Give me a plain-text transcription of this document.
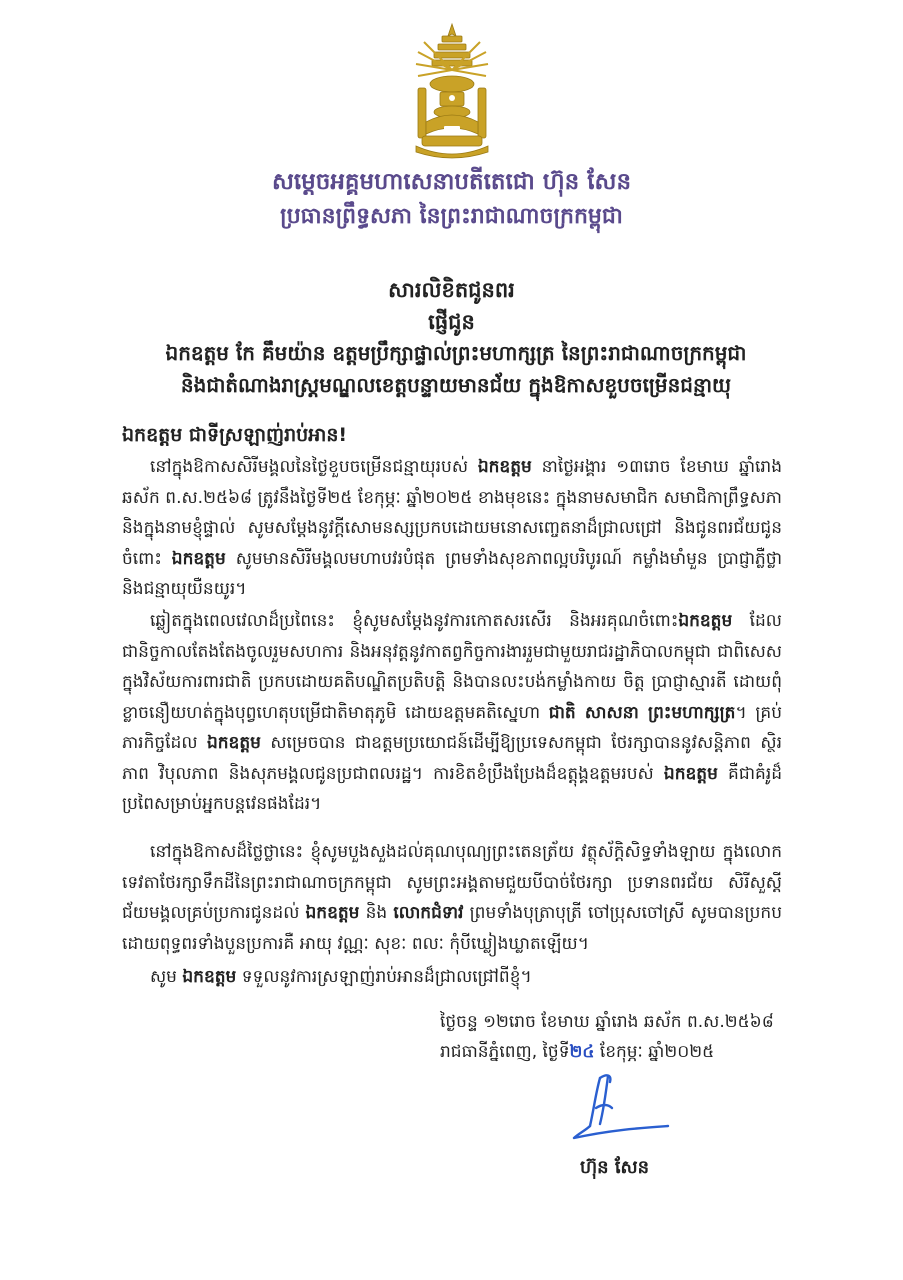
សម្ដេចអគ្គមហាសេនាបតីតេជោ ហ៊ុន សែន
ប្រធានព្រឹទ្ធសភា នៃព្រះរាជាណាចក្រកម្ពុជា
សារលិខិតជូនពរ
ផ្ញើជូន
ឯកឧត្តម កែ គឹមយ៉ាន ឧត្តមប្រឹក្សាផ្ទាល់ព្រះមហាក្សត្រ នៃព្រះរាជាណាចក្រកម្ពុជា
និងជាតំណាងរាស្ដ្រមណ្ឌលខេត្តបន្ទាយមានជ័យ ក្នុងឱកាសខួបចម្រើនជន្មាយុ
ឯកឧត្តម ជាទីស្រឡាញ់រាប់អាន!
នៅក្នុងឱកាសសិរីមង្គលនៃថ្ងៃខួបចម្រើនជន្មាយុរបស់ ឯកឧត្តម នាថ្ងៃអង្គារ ១៣រោច ខែមាឃ ឆ្នាំរោង ឆស័ក ព.ស.២៥៦៨ ត្រូវនឹងថ្ងៃទី២៥ ខែកុម្ភៈ ឆ្នាំ២០២៥ ខាងមុខនេះ ក្នុងនាមសមាជិក សមាជិកាព្រឹទ្ធសភា និងក្នុងនាមខ្ញុំផ្ទាល់ សូមសម្ដែងនូវក្ដីសោមនស្សប្រកបដោយមនោសញ្ចេតនាដ៏ជ្រាលជ្រៅ និងជូនពរជ័យជូនចំពោះ ឯកឧត្តម សូមមានសិរីមង្គលមហាបវរបំផុត ព្រមទាំងសុខភាពល្អបរិបូរណ៍ កម្លាំងមាំមួន ប្រាជ្ញាភ្លឺថ្លា និងជន្មាយុយឺនយូរ។
ឆ្លៀតក្នុងពេលវេលាដ៏ប្រពៃនេះ ខ្ញុំសូមសម្ដែងនូវការកោតសរសើរ និងអរគុណចំពោះឯកឧត្តម ដែលជានិច្ចកាលតែងតែងចូលរួមសហការ និងអនុវត្តនូវកាតព្វកិច្ចការងាររួមជាមួយរាជរដ្ឋាភិបាលកម្ពុជា ជាពិសេសក្នុងវិស័យការពារជាតិ ប្រកបដោយគតិបណ្ឌិតប្រតិបត្តិ និងបានលះបង់កម្លាំងកាយ ចិត្ត ប្រាជ្ញាស្មារតី ដោយពុំខ្លាចនឿយហត់ក្នុងបុព្វហេតុបម្រើជាតិមាតុភូមិ ដោយឧត្តមគតិស្នេហា ជាតិ សាសនា ព្រះមហាក្សត្រ។ គ្រប់ភារកិច្ចដែល ឯកឧត្តម សម្រេចបាន ជាឧត្តមប្រយោជន៍ដើម្បីឱ្យប្រទេសកម្ពុជា ថែរក្សាបាននូវសន្តិភាព ស្ថិរភាព វិបុលភាព និងសុភមង្គលជូនប្រជាពលរដ្ឋ។ ការខិតខំប្រឹងប្រែងដ៏ឧត្ដុង្គឧត្តមរបស់ ឯកឧត្តម គឺជាគំរូដ៏ប្រពៃសម្រាប់អ្នកបន្តវេនផងដែរ។
នៅក្នុងឱកាសដ៏ថ្លៃថ្លានេះ ខ្ញុំសូមបួងសួងដល់គុណបុណ្យព្រះតេនត្រ័យ វត្ថុស័ក្តិសិទ្ធទាំងឡាយ ក្នុងលោក ទេវតាថែរក្សាទឹកដីនៃព្រះរាជាណាចក្រកម្ពុជា សូមព្រះអង្គតាមជួយបីបាច់ថែរក្សា ប្រទានពរជ័យ សិរីសួស្ដី ជ័យមង្គលគ្រប់ប្រការជូនដល់ ឯកឧត្តម និង លោកជំទាវ ព្រមទាំងបុត្រាបុត្រី ចៅប្រុសចៅស្រី សូមបានប្រកបដោយពុទ្ធពរទាំងបួនប្រការគឺ អាយុ វណ្ណៈ សុខៈ ពលៈ កុំបីឃ្លៀងឃ្លាតឡើយ។
សូម ឯកឧត្តម ទទួលនូវការស្រឡាញ់រាប់អានដ៏ជ្រាលជ្រៅពីខ្ញុំ។
ថ្ងៃចន្ទ ១២រោច ខែមាឃ ឆ្នាំរោង ឆស័ក ព.ស.២៥៦៨
រាជធានីភ្នំពេញ, ថ្ងៃទី២៤ ខែកុម្ភៈ ឆ្នាំ២០២៥
ហ៊ុន សែន
